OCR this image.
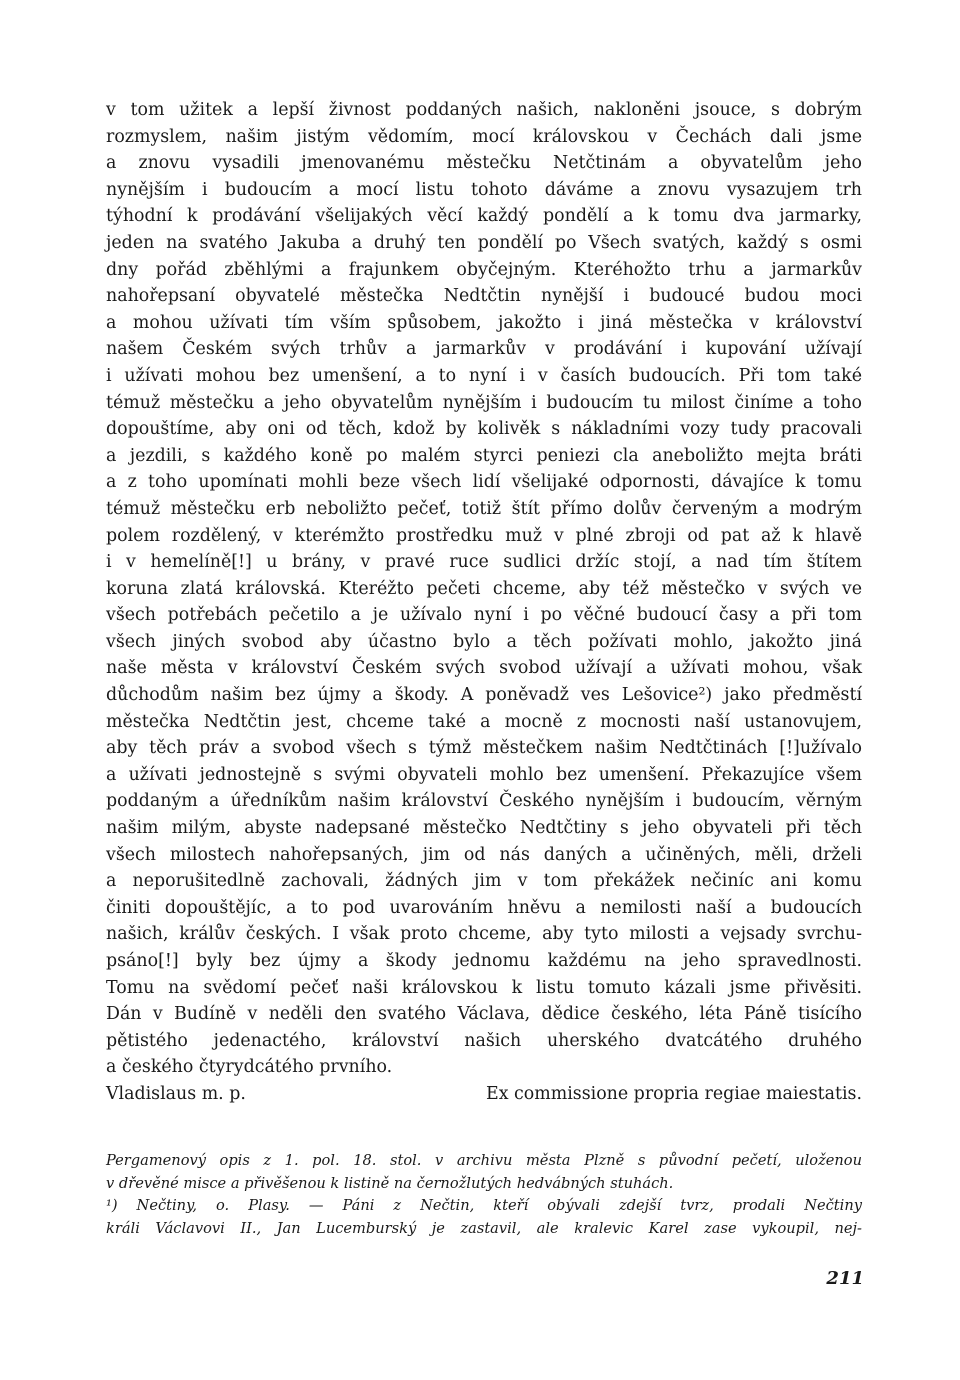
v tom užitek a lepší živnost poddaných našich, nakloněni jsouce, s dobrým
rozmyslem, našim jistým vědomím, mocí královskou v Čechách dali jsme
a znovu vysadili jmenovanému městečku Netčtinám a obyvatelům jeho
nynějším i budoucím a mocí listu tohoto dáváme a znovu vysazujem trh
týhodní k prodávání všelijakých věcí každý pondělí a k tomu dva jarmarky,
jeden na svatého Jakuba a druhý ten pondělí po Všech svatých, každý s osmi
dny pořád zběhlými a frajunkem obyčejným. Kteréhožto trhu a jarmarkův
nahořepsaní obyvatelé městečka Nedtčtin nynější i budoucé budou moci
a mohou užívati tím vším spůsobem, jakožto i jiná městečka v království
našem Českém svých trhův a jarmarkův v prodávání i kupování užívají
i užívati mohou bez umenšení, a to nyní i v časích budoucích. Při tom také
témuž městečku a jeho obyvatelům nynějším i budoucím tu milost činíme a toho
dopouštíme, aby oni od těch, kdož by kolivěk s nákladními vozy tudy pracovali
a jezdili, s každého koně po malém styrci peniezi cla aneboližto mejta bráti
a z toho upomínati mohli beze všech lidí všelijaké odpornosti, dávajíce k tomu
témuž městečku erb neboližto pečeť, totiž štít přímo dolův červeným a modrým
polem rozdělený, v kterémžto prostředku muž v plné zbroji od pat až k hlavě
i v hemelíně[!] u brány, v pravé ruce sudlici držíc stojí, a nad tím štítem
koruna zlatá královská. Kteréžto pečeti chceme, aby též městečko v svých ve
všech potřebách pečetilo a je užívalo nyní i po věčné budoucí časy a při tom
všech jiných svobod aby účastno bylo a těch požívati mohlo, jakožto jiná
naše města v království Českém svých svobod užívají a užívati mohou, však
důchodům našim bez újmy a škody. A poněvadž ves Lešovice²) jako předměstí
městečka Nedtčtin jest, chceme také a mocně z mocnosti naší ustanovujem,
aby těch práv a svobod všech s týmž městečkem našim Nedtčtinách [!]užívalo
a užívati jednostejně s svými obyvateli mohlo bez umenšení. Překazujíce všem
poddaným a úředníkům našim království Českého nynějším i budoucím, věrným
našim milým, abyste nadepsané městečko Nedtčtiny s jeho obyvateli při těch
všech milostech nahořepsaných, jim od nás daných a učiněných, měli, drželi
a neporušitedlně zachovali, žádných jim v tom překážek nečiníc ani komu
činiti dopouštějíc, a to pod uvarováním hněvu a nemilosti naší a budoucích
našich, králův českých. I však proto chceme, aby tyto milosti a vejsady svrchu-
psáno[!] byly bez újmy a škody jednomu každému na jeho spravedlnosti.
Tomu na svědomí pečeť naši královskou k listu tomuto kázali jsme přivěsiti.
Dán v Budíně v neděli den svatého Václava, dědice českého, léta Páně tisícího
pětistého jedenactého, království našich uherského dvatcátého druhého
a českého čtyrydcátého prvního.
Vladislaus m. p.	Ex commissione propria regiae maiestatis.
Pergamenový opis z 1. pol. 18. stol. v archivu města Plzně s původní pečetí, uloženou
v dřevěné misce a přivěšenou k listině na černožlutých hedvábných stuhách.
¹) Nečtiny, o. Plasy. — Páni z Nečtin, kteří obývali zdejší tvrz, prodali Nečtiny
králi Václavovi II., Jan Lucemburský je zastavil, ale kralevic Karel zase vykoupil, nej-
211
